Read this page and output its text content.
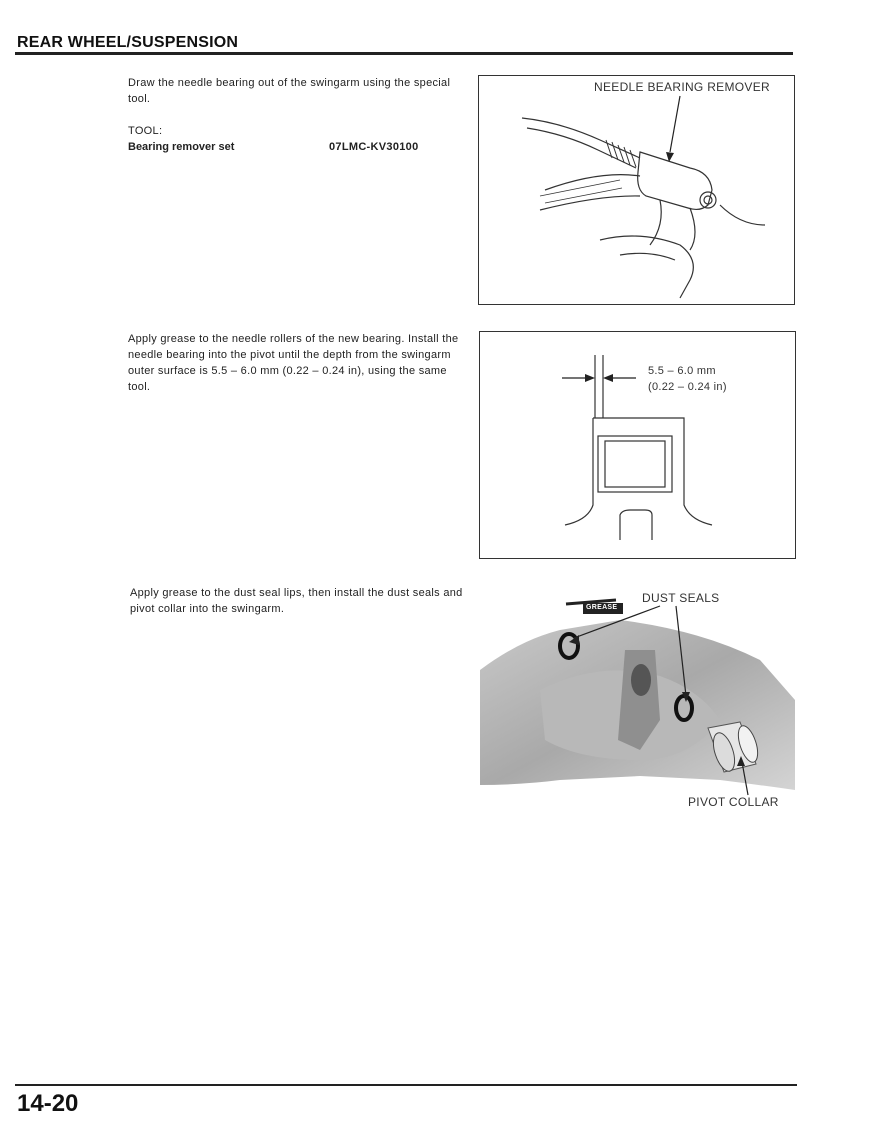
REAR WHEEL/SUSPENSION
Draw the needle bearing out of the swingarm using the special tool.
TOOL:
Bearing remover set	07LMC-KV30100
NEEDLE BEARING REMOVER
Apply grease to the needle rollers of the new bearing. Install the needle bearing into the pivot until the depth from the swingarm outer surface is 5.5 – 6.0 mm (0.22 – 0.24 in), using the same tool.
5.5 – 6.0 mm
(0.22 – 0.24 in)
Apply grease to the dust seal lips, then install the dust seals and pivot collar into the swingarm.	GREASE
DUST SEALS
PIVOT COLLAR
14-20
